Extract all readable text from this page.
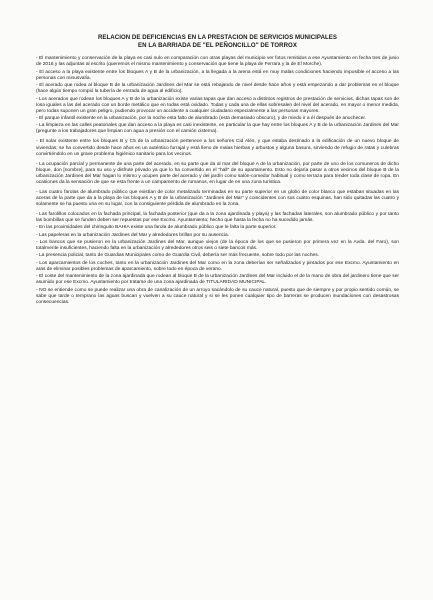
RELACION DE DEFICIENCIAS EN LA PRESTACION DE SERVICIOS MUNICIPALES
EN LA BARRIADA DE "EL PEÑONCILLO" DE TORROX

- El mantenimiento y conservación de la playa es casi nulo en comparación con otras playas del municipio ver fotos remitidos a ese Ayuntamiento en fecha tres de junio de 2016 y las adjuntas al escrito (queremos el mismo mantenimiento y conservación que tiene la playa de Ferrara y la de El Morche).

- El acceso a la playa existente entre los bloques A y B de la urbanización, a la llegada a la arena está en muy malas condiciones haciendo imposible el acceso a las personas con minusvalía.

- El acerado que rodea al bloque B de la urbanización Jardines del Mar se está rebajando de nivel desde hace años y está empezando a dar problemas en el bloque (hace algún tiempo rompió la tubería de entrada de agua al edificio).

- Los acerados que rodean los bloques A y B de la urbanización existe varias tapas que dan acceso a distintos registros de prestación de servicios, dichas tapas son de losa iguales a las del acerado con un borde metálico que en todas está oxidado. Todas y cada una de ellas sobresalen del nivel del acerado, en mayor o menor medida, pero todas suponen un gran peligro, pudiendo provocar un accidente a cualquier ciudadano especialmente a las personas mayores.

- El parque infantil existente en la urbanización, por la noche esta falto de alumbrado (esta demasiado obscuro), y de miedo ir a él después de anochecer.

- La limpieza en las calles peatonales que dan acceso a la playa es casi inexistente, en particular la que hay entre los bloques A y B de la urbanización Jardines del Mar (pregunte a los trabajadores que limpian con agua a presión con el camión cisterna).

- El solar existente entre los bloques B y C5 de la urbanización pertenece a los señores Cid Alés, y que estaba destinado a la edificación de un nuevo bloque de viviendas; se ha convertido desde hace años en un auténtico forrajal y está lleno de malas hierbas y arbustos y alguna basura, sirviendo de refugio de ratas y culebras convirtiéndolo en un grave problema higiénico sanitario para los vecinos.

- La ocupación parcial y permanente de una parte del acerado, en su parte que da al mar del bloque A de la urbanización, por parte de uno de los comuneros de dicho bloque, don [nombre], para su uso y disfrute privado ya que lo ha convertido en el "hall" de su apartamento. Esto no dejaría pasar a otros vecinos del bloque B de la urbanización Jardines del Mar hagan lo mismo y ocupen parte del acerado y del jardín como salón-comedor habitual y como terraza para tender toda clase de ropa. En ocasiones da la sensación de que se esta frente a un campamento de rumanos, en lugar de en una zona turística.

- Las cuatro farolas de alumbrado público que existían de color metalizado terminadas en su parte superior en un globo de color blanco que estaban situadas en las aceras de la parte que da a la playa de los bloques A y B de la urbanización "Jardines del Mar" y coincidentes con sus cuatro esquinas, han sido quitadas las cuatro y solamente se ha puesto una en su lugar, con la consiguiente pérdida de alumbrado en la zona.

- Las farolillos colocados en la fachada principal, la fachada posterior (que da a la zona ajardinada y playa) y las fachadas laterales, son alumbrado público y por tanto las bombillas que se funden deben ser repuestas por ese Excmo. Ayuntamiento; hecho que hasta la fecha no ha sucedido jamás.

- En las proximidades del chiringuito BAHIA existe una farola de alumbrado público que le falta la parte superior.

- Las papeleras en la urbanización Jardines del Mar y alrededores brillan por su ausencia.

- Los bancos que se pusieron en la urbanización Jardines del Mar, aunque viejos (de la época de los que se pusieron por primera vez en la Avda. del Faro), son totalmente insuficientes, haciendo falta en la urbanización y alrededores otros seis o siete bancos más.

- La presencia policial, tanto de Guardias Municipales como de Guardia Civil, debería ser más frecuente, sobre todo por las noches.

- Los aparcamientos de los coches, tanto en la urbanización Jardines del Mar como en la zona deberían ser señalizados y pintados por ese Excmo. Ayuntamiento en aras de eliminar posibles problemas de aparcamiento, sobre todo en época de verano.

- El coste del mantenimiento de la zona ajardinada que rodean al bloque B de la urbanización Jardines del Mar incluido el de la mano de obra del jardinero tiene que ser asumido por ese Excmo. Ayuntamiento por tratarse de una zona ajardinada de TITULARIDAD MUNICIPAL.

- NO se entiende como se puede realizar una obra de canalización de un arroyo sacándolo de su cauce natural, puesto que de siempre y por propio sentido común, se sabe que tarde o temprano las aguas buscan y vuelven a su cauce natural y si se les ponen cualquier tipo de barreras se producen inundaciones con desastrosas consecuencias.
